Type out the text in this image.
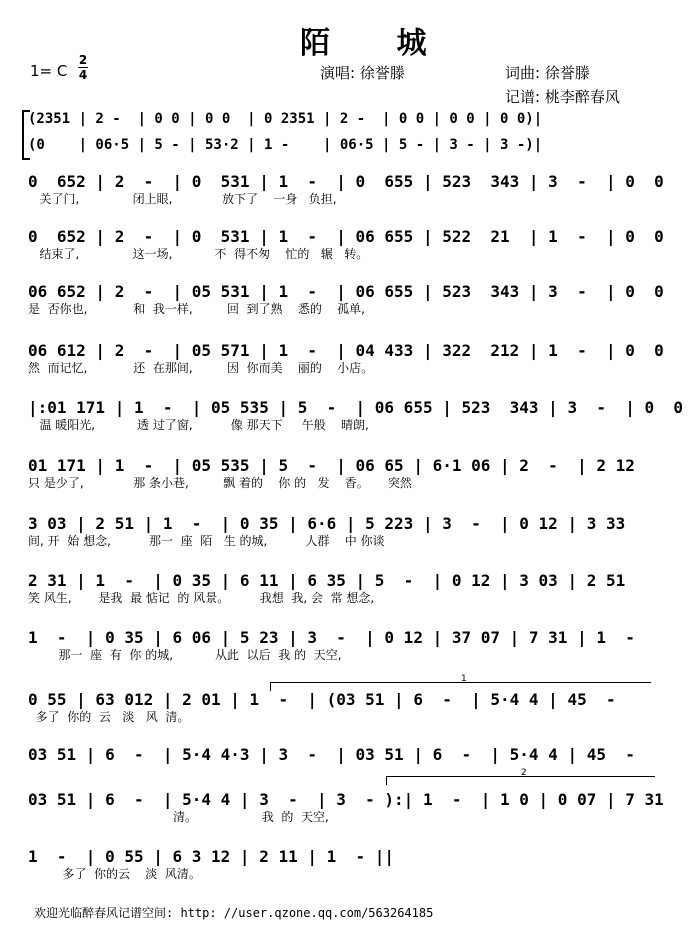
陌 城
1= C
2
4	演唱: 徐誉滕	词曲: 徐誉滕
记谱: 桃李醉春风
(2351 | 2 -  | 0 0 | 0 0  | 0 2351 | 2 -  | 0 0 | 0 0 | 0 0)|
(0    | 06·5 | 5 - | 53·2 | 1 -    | 06·5 | 5 - | 3 - | 3 -)|
0  652 | 2  -  | 0  531 | 1  -  | 0  655 | 523  343 | 3  -  | 0  0
关了门,              闭上眼,             放下了    一身   负担,
0  652 | 2  -  | 0  531 | 1  -  | 06 655 | 522  21  | 1  -  | 0  0
结束了,              这一场,           不  得不匆    忙的   辗   转。
06 652 | 2  -  | 05 531 | 1  -  | 06 655 | 523  343 | 3  -  | 0  0
是  否你也,            和  我一样,         回  到了熟    悉的    孤单,
06 612 | 2  -  | 05 571 | 1  -  | 04 433 | 322  212 | 1  -  | 0  0
然  而记忆,            还  在那间,         因  你而美    丽的    小店。
|:01 171 | 1  -  | 05 535 | 5  -  | 06 655 | 523  343 | 3  -  | 0  0
温 暖阳光,           透 过了窗,          像 那天下     午般    晴朗,
01 171 | 1  -  | 05 535 | 5  -  | 06 65 | 6·1 06 | 2  -  | 2 12
只 是少了,             那 条小巷,         飘 着的    你 的   发    香。     突然
3 03 | 2 51 | 1  -  | 0 35 | 6·6 | 5 223 | 3  -  | 0 12 | 3 33
间, 开  始 想念,          那一  座  陌   生 的城,          人群    中 你谈
2 31 | 1  -  | 0 35 | 6 11 | 6 35 | 5  -  | 0 12 | 3 03 | 2 51
笑 风生,       是我  最 惦记  的 风景。        我想  我, 会  常 想念,
1  -  | 0 35 | 6 06 | 5 23 | 3  -  | 0 12 | 37 07 | 7 31 | 1  -
那一  座  有  你 的城,           从此  以后  我 的  天空,
1
0 55 | 63 012 | 2 01 | 1  -  | (03 51 | 6  -  | 5·4 4 | 45  -
多了  你的  云   淡   风  清。
03 51 | 6  -  | 5·4 4·3 | 3  -  | 03 51 | 6  -  | 5·4 4 | 45  -
2
03 51 | 6  -  | 5·4 4 | 3  -  | 3  - ):| 1  -  | 1 0 | 0 07 | 7 31
清。                 我  的  天空,
1  -  | 0 55 | 6 3 12 | 2 11 | 1  - ||
多了  你的云    淡  风清。
欢迎光临醉春风记谱空间: http: //user.qzone.qq.com/563264185
